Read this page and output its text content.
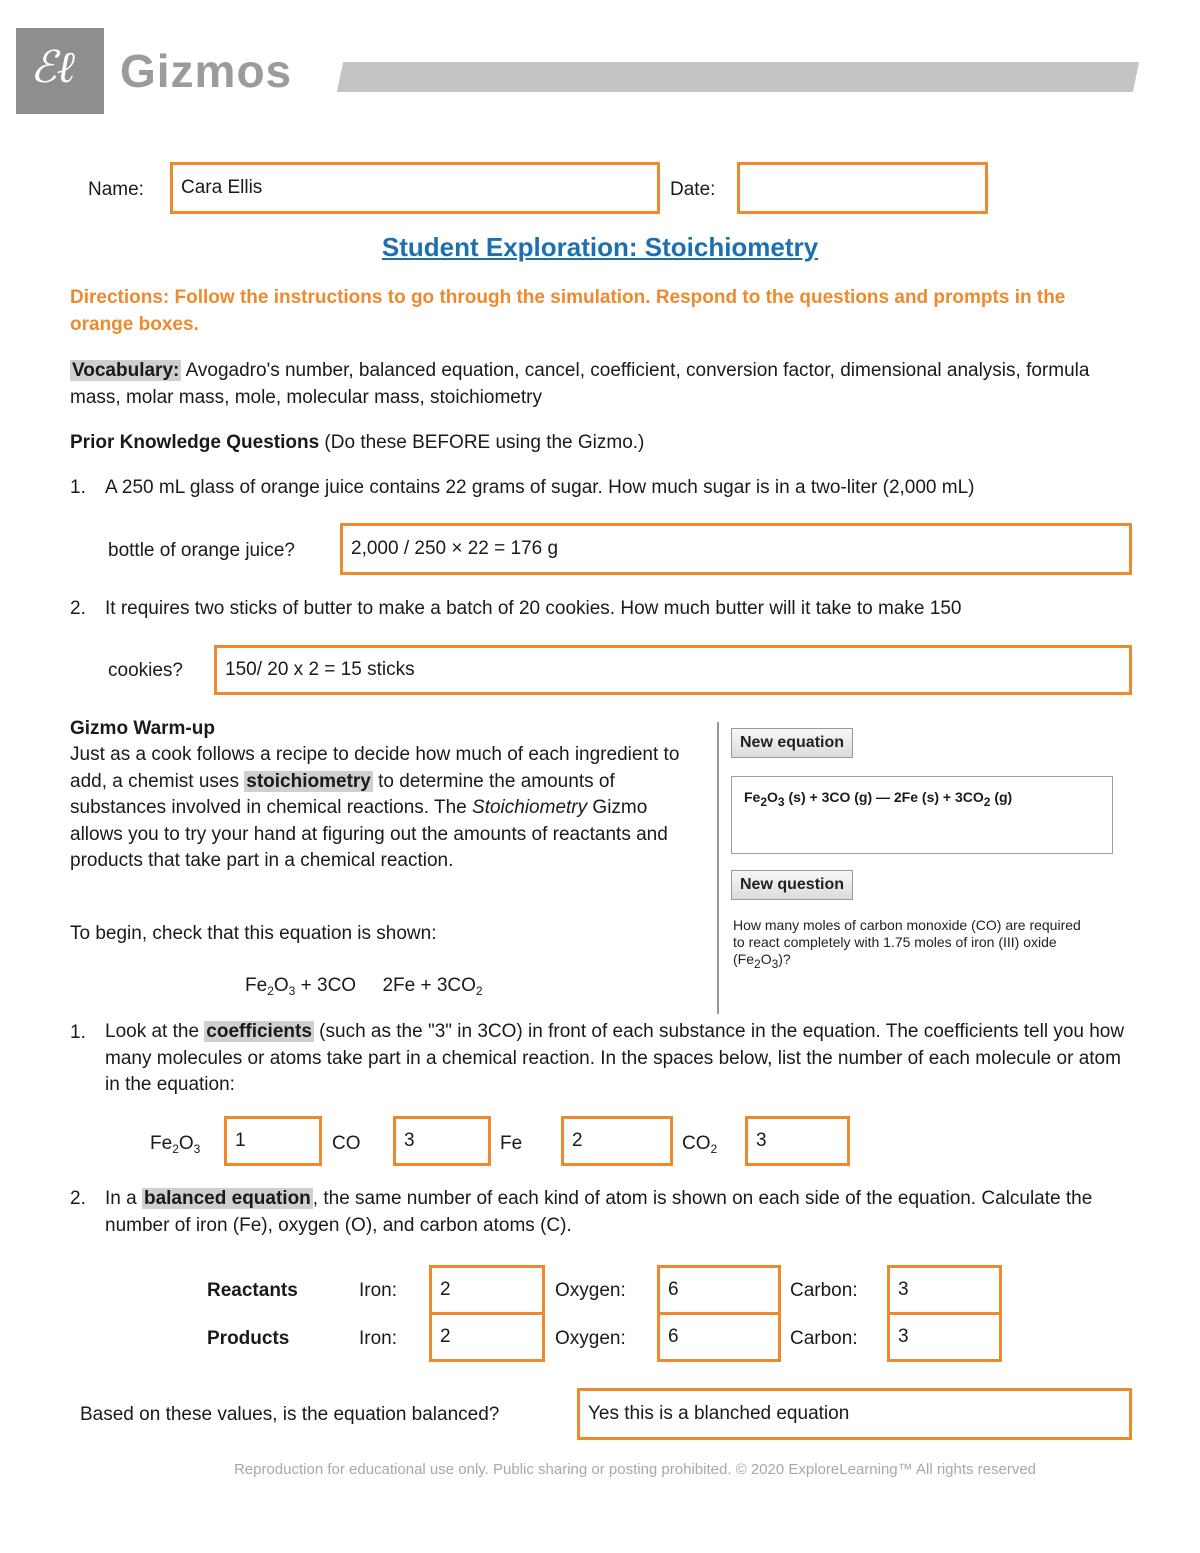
ℰℓ Gizmos
Name: Cara Ellis	Date:
Student Exploration: Stoichiometry
Directions: Follow the instructions to go through the simulation. Respond to the questions and prompts in the orange boxes.
Vocabulary: Avogadro's number, balanced equation, cancel, coefficient, conversion factor, dimensional analysis, formula mass, molar mass, mole, molecular mass, stoichiometry
Prior Knowledge Questions (Do these BEFORE using the Gizmo.)
1. A 250 mL glass of orange juice contains 22 grams of sugar. How much sugar is in a two-liter (2,000 mL)
bottle of orange juice?	2,000 / 250 × 22 = 176 g
2. It requires two sticks of butter to make a batch of 20 cookies. How much butter will it take to make 150
cookies? 150/ 20 x 2 = 15 sticks
Gizmo Warm-up
Just as a cook follows a recipe to decide how much of each ingredient to add, a chemist uses stoichiometry to determine the amounts of substances involved in chemical reactions. The Stoichiometry Gizmo allows you to try your hand at figuring out the amounts of reactants and products that take part in a chemical reaction.
To begin, check that this equation is shown:
$Fe_2O_3 + 3CO$     $2Fe + 3CO_2$
New equation
$Fe_2O_3$ (s) + 3CO (g) — 2Fe $(s) + 3CO_2$ (g)
New question
How many moles of carbon monoxide (CO) are required to react completely with 1.75 moles of iron (III) oxide $(Fe_2O_3)$?
1. Look at the coefficients (such as the "3" in 3CO) in front of each substance in the equation. The coefficients tell you how many molecules or atoms take part in a chemical reaction. In the spaces below, list the number of each molecule or atom in the equation:
$Fe_2O_3$ 1	CO 3	Fe	2	$CO_2$ 3
2. In a balanced equation , the same number of each kind of atom is shown on each side of the equation. Calculate the number of iron (Fe), oxygen (O), and carbon atoms (C).
Reactants	Iron: 2	Oxygen: 6	Carbon: 3
Products	Iron: 2	Oxygen: 6	Carbon: 3
Based on these values, is the equation balanced?	Yes this is a blanched equation
Reproduction for educational use only. Public sharing or posting prohibited. © 2020 ExploreLearning™ All rights reserved
